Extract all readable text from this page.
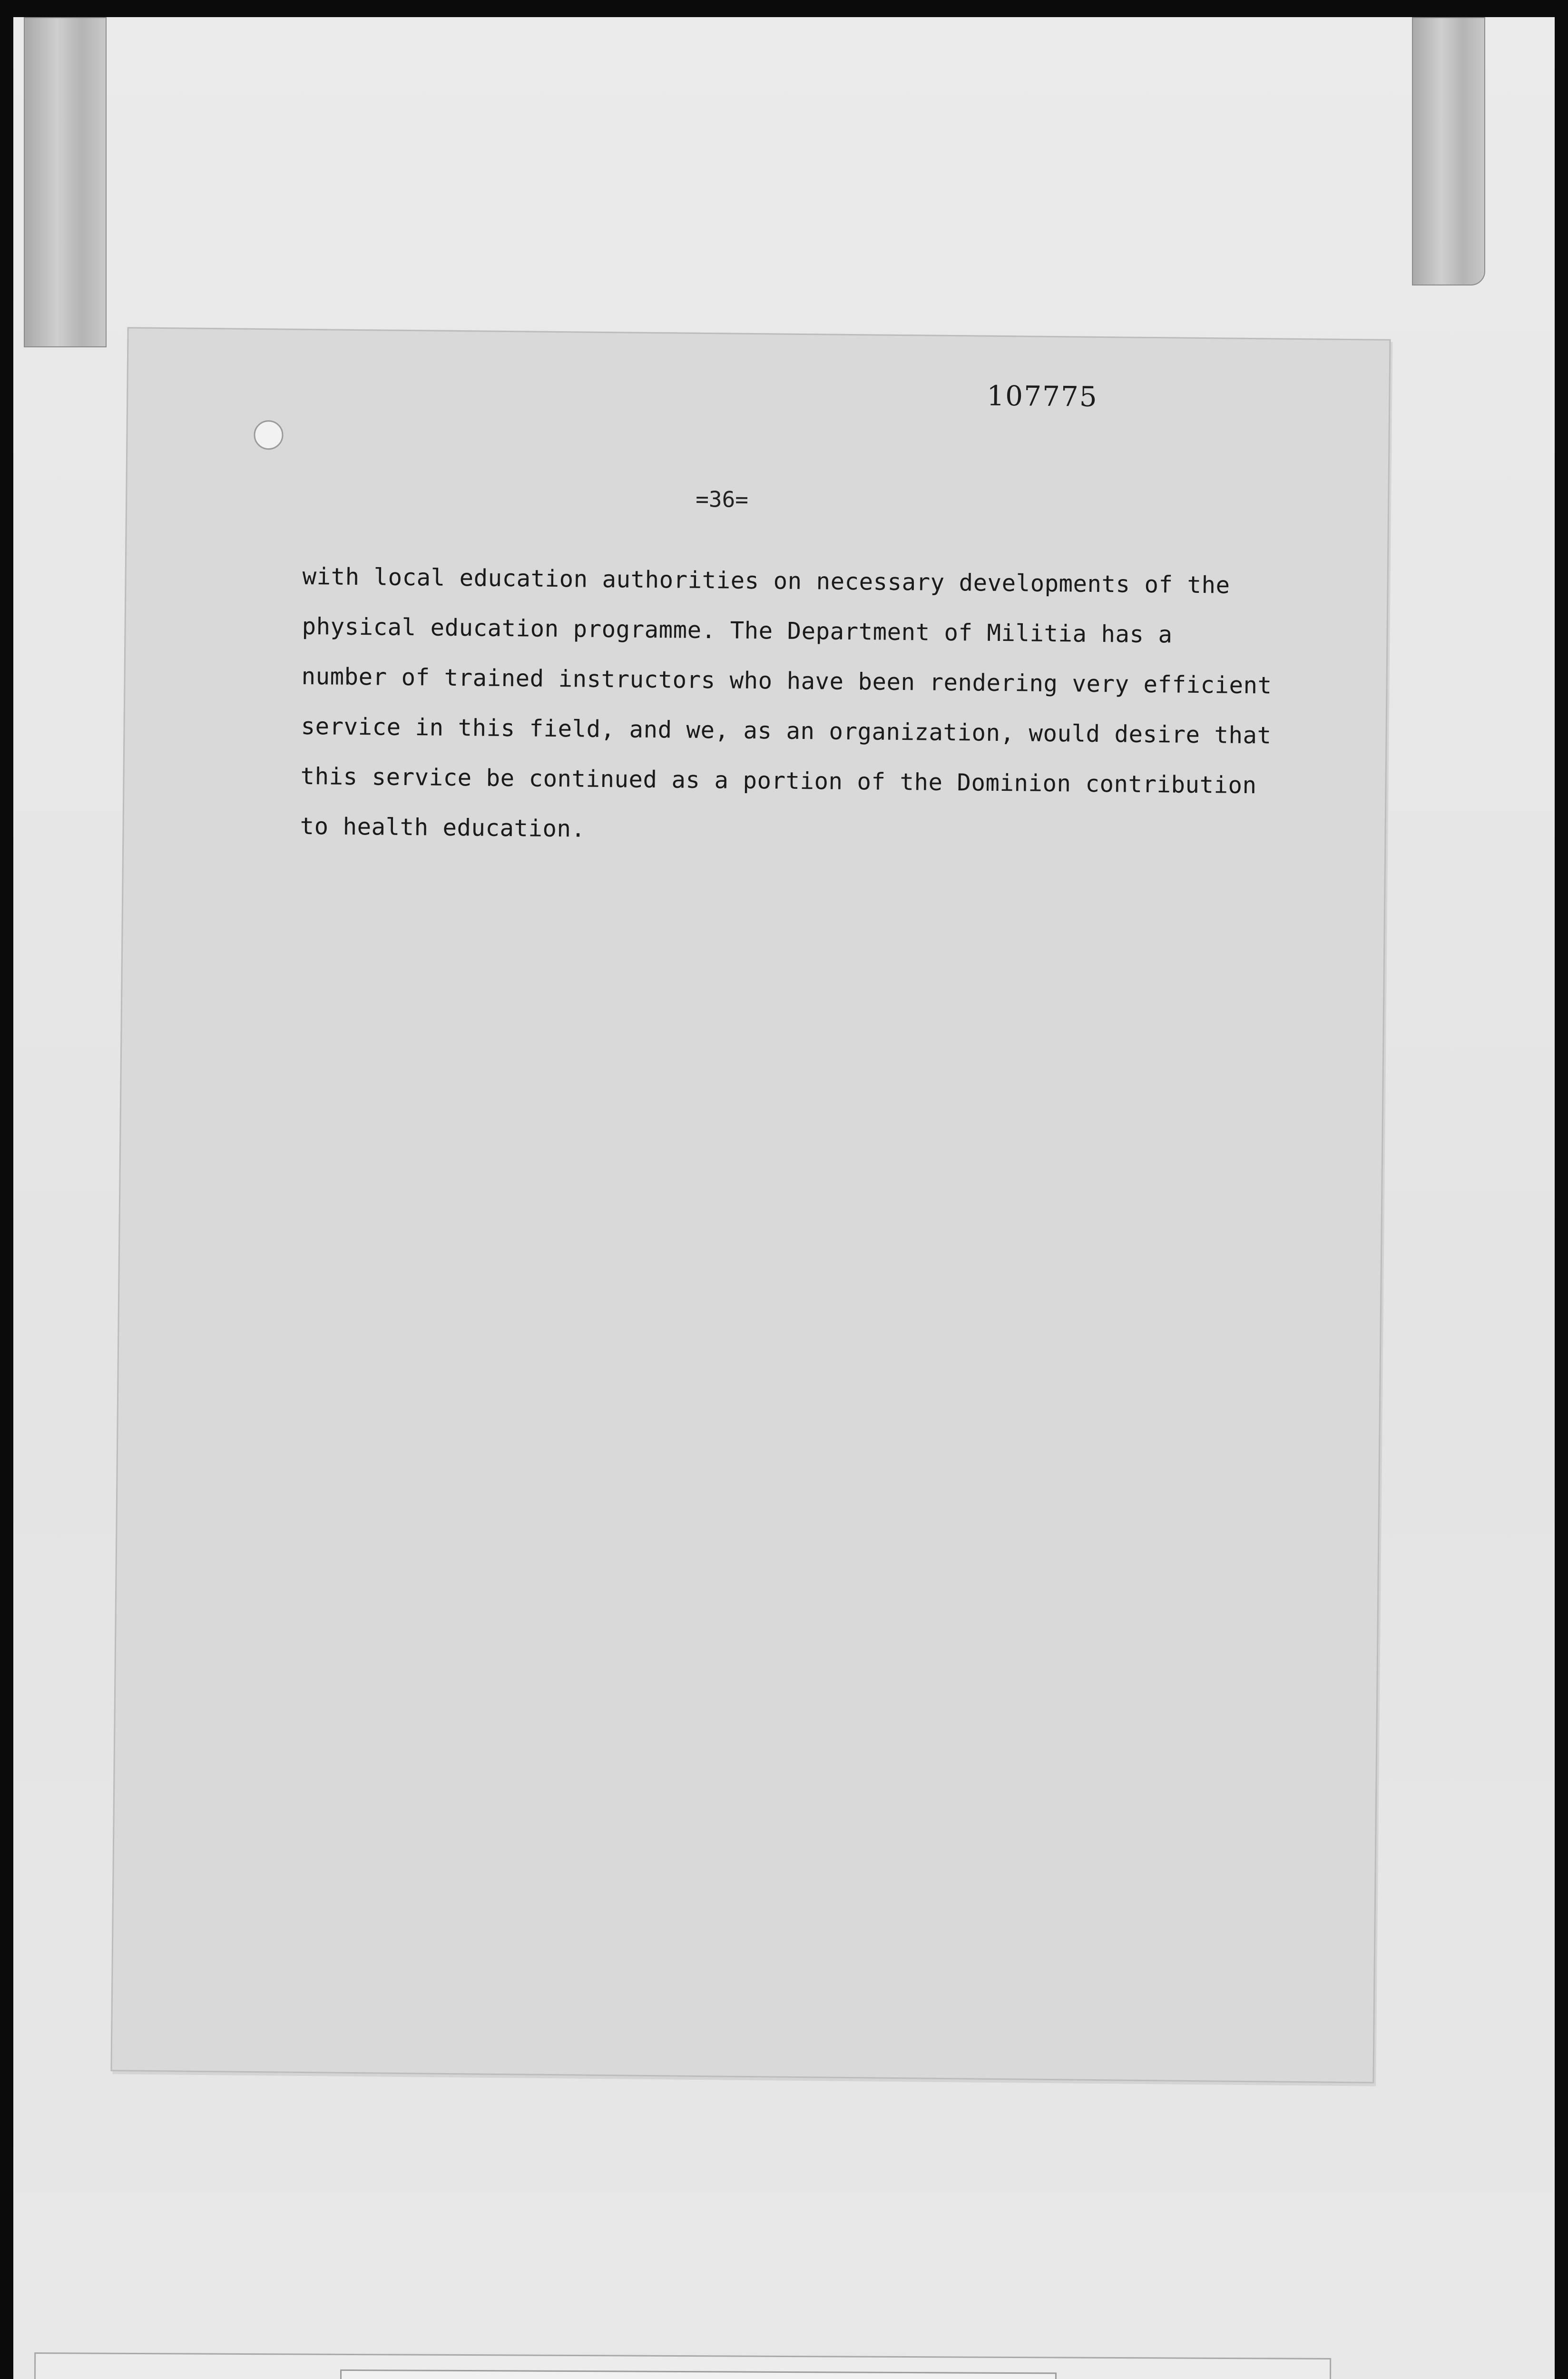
107775
=36=
with local education authorities on necessary developments of the
physical education programme. The Department of Militia has a
number of trained instructors who have been rendering very efficient
service in this field, and we, as an organization, would desire that
this service be continued as a portion of the Dominion contribution
to health education.
